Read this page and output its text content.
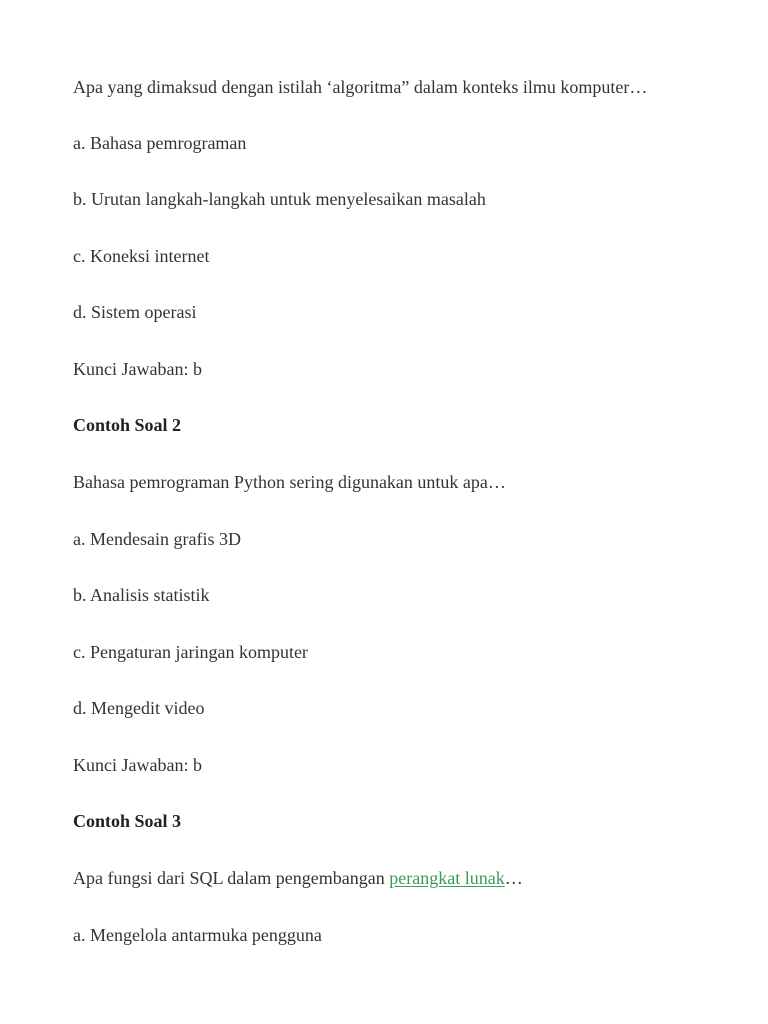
Apa yang dimaksud dengan istilah ‘algoritma” dalam konteks ilmu komputer…
a. Bahasa pemrograman
b. Urutan langkah-langkah untuk menyelesaikan masalah
c. Koneksi internet
d. Sistem operasi
Kunci Jawaban: b
Contoh Soal 2
Bahasa pemrograman Python sering digunakan untuk apa…
a. Mendesain grafis 3D
b. Analisis statistik
c. Pengaturan jaringan komputer
d. Mengedit video
Kunci Jawaban: b
Contoh Soal 3
Apa fungsi dari SQL dalam pengembangan perangkat lunak…
a. Mengelola antarmuka pengguna
